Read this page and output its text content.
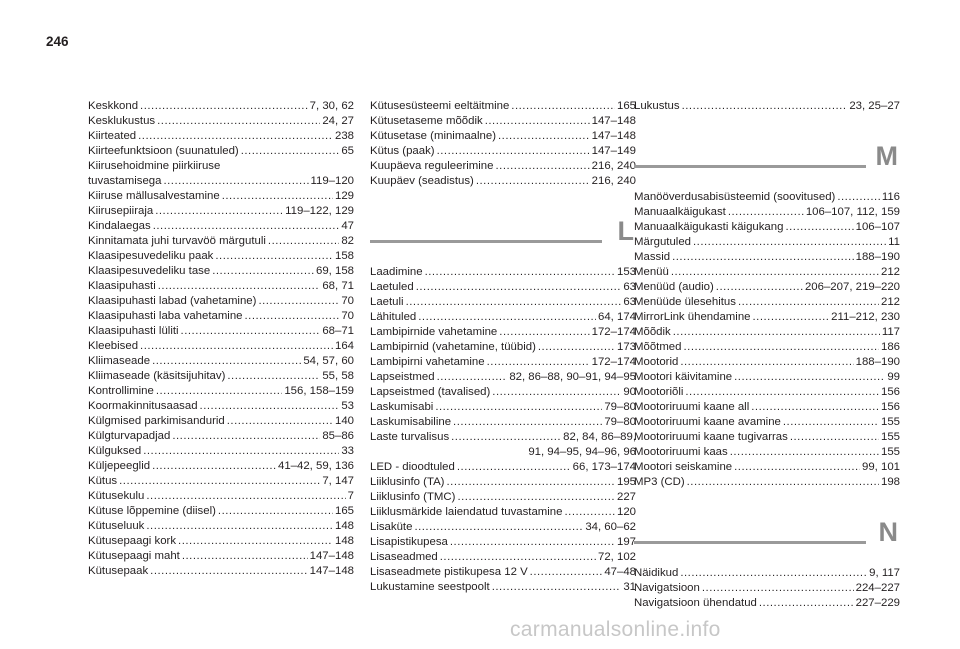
246
Keskkond .....	7, 30, 62
Kesklukustus .....	24, 27
Kiirteated .....	238
Kiirteefunktsioon (suunatuled) .....	65
Kiirusehoidmine piirkiiruse
tuvastamisega .....	119–120
Kiiruse mällusalvestamine .....	129
Kiirusepiiraja .....	119–122, 129
Kindalaegas .....	47
Kinnitamata juhi turvavöö märgutuli .....	82
Klaasipesuvedeliku paak .....	158
Klaasipesuvedeliku tase .....	69, 158
Klaasipuhasti .....	68, 71
Klaasipuhasti labad (vahetamine) .....	70
Klaasipuhasti laba vahetamine .....	70
Klaasipuhasti lüliti .....	68–71
Kleebised .....	164
Kliimaseade .....	54, 57, 60
Kliimaseade (käsitsijuhitav) .....	55, 58
Kontrollimine .....	156, 158–159
Koormakinnitusaasad .....	53
Külgmised parkimisandurid .....	140
Külgturvapadjad .....	85–86
Külguksed .....	33
Küljepeeglid .....	41–42, 59, 136
Kütus .....	7, 147
Kütusekulu .....	7
Kütuse lõppemine (diisel) .....	165
Kütuseluuk .....	148
Kütusepaagi kork .....	148
Kütusepaagi maht .....	147–148
Kütusepaak .....	147–148
Kütusesüsteemi eeltäitmine .....	165
Kütusetaseme mõõdik .....	147–148
Kütusetase (minimaalne) .....	147–148
Kütus (paak) .....	147–149
Kuupäeva reguleerimine .....	216, 240
Kuupäev (seadistus) .....	216, 240
L
Laadimine .....	153
Laetuled .....	63
Laetuli .....	63
Lähituled .....	64, 174
Lambipirnide vahetamine .....	172–174
Lambipirnid (vahetamine, tüübid) .....	173
Lambipirni vahetamine .....	172–174
Lapseistmed .....	82, 86–88, 90–91, 94–95
Lapseistmed (tavalised) .....	90
Laskumisabi .....	79–80
Laskumisabiline .....	79–80
Laste turvalisus .....	82, 84, 86–89,
91, 94–95, 94–96, 96
LED - dioodtuled .....	66, 173–174
Liiklusinfo (TA) .....	195
Liiklusinfo (TMC) .....	227
Liiklusmärkide laiendatud tuvastamine .....	120
Lisaküte .....	34, 60–62
Lisapistikupesa .....	197
Lisaseadmed .....	72, 102
Lisaseadmete pistikupesa 12 V .....	47–48
Lukustamine seestpoolt .....	31
Lukustus .....	23, 25–27
M
Manööverdusabisüsteemid (soovitused) .....	116
Manuaalkäigukast .....	106–107, 112, 159
Manuaalkäigukasti käigukang .....	106–107
Märgutuled .....	11
Massid .....	188–190
Menüü .....	212
Menüüd (audio) .....	206–207, 219–220
Menüüde ülesehitus .....	212
MirrorLink ühendamine .....	211–212, 230
Mõõdik .....	117
Mõõtmed .....	186
Mootorid .....	188–190
Mootori käivitamine .....	99
Mootoriõli .....	156
Mootoriruumi kaane all .....	156
Mootoriruumi kaane avamine .....	155
Mootoriruumi kaane tugivarras .....	155
Mootoriruumi kaas .....	155
Mootori seiskamine .....	99, 101
MP3 (CD) .....	198
N
Näidikud .....	9, 117
Navigatsioon .....	224–227
Navigatsioon ühendatud .....	227–229
carmanualsonline.info
